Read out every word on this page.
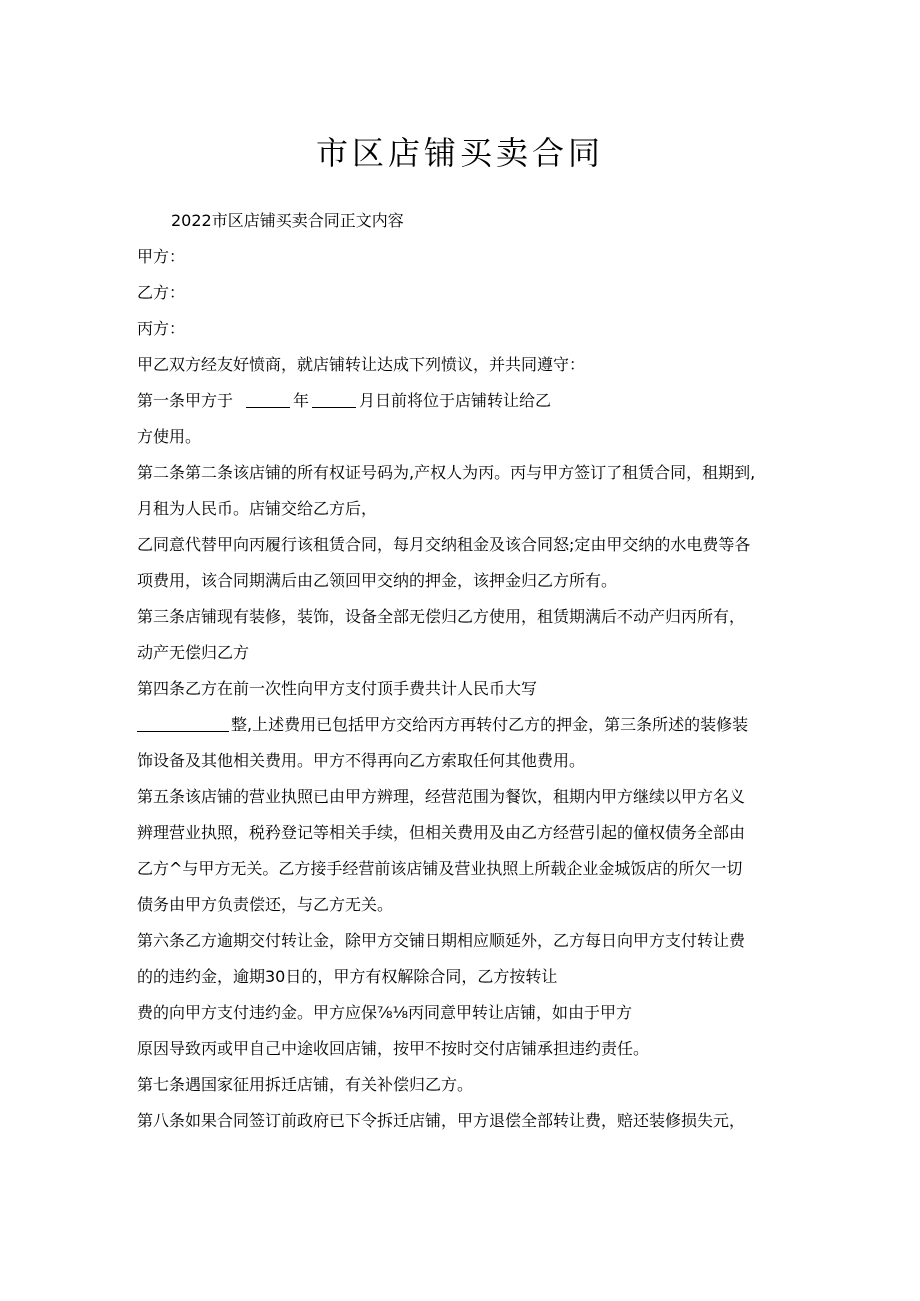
市区店铺买卖合同

2022市区店铺买卖合同正文内容

甲方：

乙方：

丙方：

甲乙双方经友好愤商，就店铺转让达成下列愤议，并共同遵守：

第一条甲方于	年	月日前将位于店铺转让给乙

方使用。

第二条第二条该店铺的所有权证号码为,产权人为丙。丙与甲方签订了租赁合同，租期到,

月租为人民币。店铺交给乙方后，

乙同意代替甲向丙履行该租赁合同，每月交纳租金及该合同怒;定由甲交纳的水电费等各

项费用，该合同期满后由乙领回甲交纳的押金，该押金归乙方所有。

第三条店铺现有装修，装饰，设备全部无偿归乙方使用，租赁期满后不动产归丙所有，

动产无偿归乙方

第四条乙方在前一次性向甲方支付顶手费共计人民币大写

整,上述费用已包括甲方交给丙方再转付乙方的押金，第三条所述的装修装

饰设备及其他相关费用。甲方不得再向乙方索取任何其他费用。

第五条该店铺的营业执照已由甲方辨理，经营范围为餐饮，租期内甲方继续以甲方名义

辨理营业执照，税矜登记等相关手续，但相关费用及由乙方经营引起的僮权债务全部由

乙方^与甲方无关。乙方接手经营前该店铺及营业执照上所载企业金城饭店的所欠一切

债务由甲方负责偿还，与乙方无关。

第六条乙方逾期交付转让金，除甲方交铺日期相应顺延外，乙方每日向甲方支付转让费

的的违约金，逾期30日的，甲方有权解除合同，乙方按转让

费的向甲方支付违约金。甲方应保⅞⅛丙同意甲转让店铺，如由于甲方

原因导致丙或甲自己中途收回店铺，按甲不按时交付店铺承担违约责任。

第七条遇国家征用拆迁店铺，有关补偿归乙方。

第八条如果合同签订前政府已下令拆迁店铺，甲方退偿全部转让费，赔还装修损失元，
